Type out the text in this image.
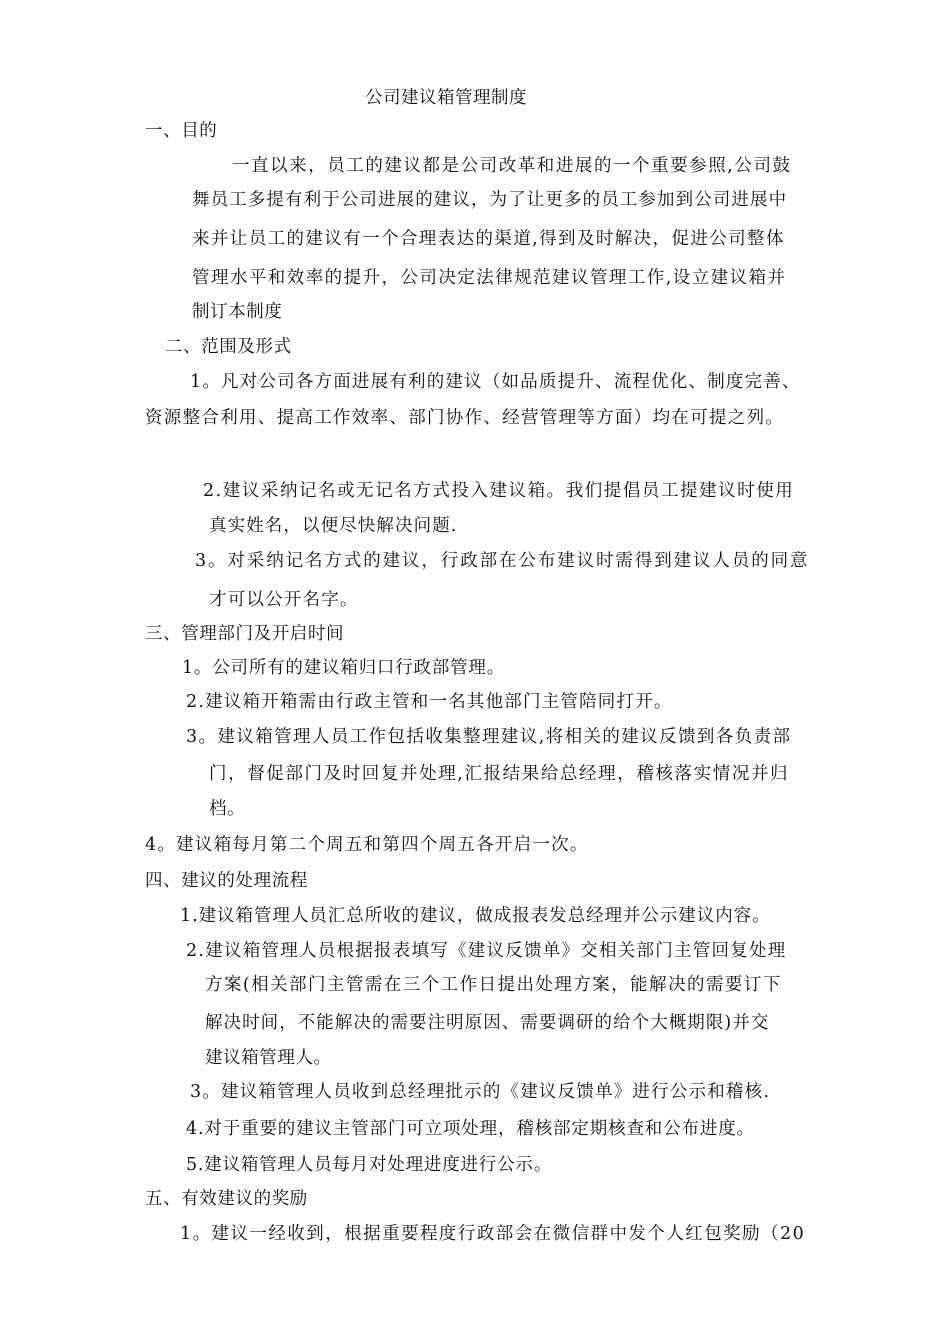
公司建议箱管理制度
一、目的
一直以来，员工的建议都是公司改革和进展的一个重要参照,公司鼓
舞员工多提有利于公司进展的建议，为了让更多的员工参加到公司进展中
来并让员工的建议有一个合理表达的渠道,得到及时解决，促进公司整体
管理水平和效率的提升，公司决定法律规范建议管理工作,设立建议箱并
制订本制度
二、范围及形式
1。凡对公司各方面进展有利的建议（如品质提升、流程优化、制度完善、
资源整合利用、提高工作效率、部门协作、经营管理等方面）均在可提之列。
2.建议采纳记名或无记名方式投入建议箱。我们提倡员工提建议时使用
真实姓名，以便尽快解决问题.
3。对采纳记名方式的建议，行政部在公布建议时需得到建议人员的同意
才可以公开名字。
三、管理部门及开启时间
1。公司所有的建议箱归口行政部管理。
2.建议箱开箱需由行政主管和一名其他部门主管陪同打开。
3。建议箱管理人员工作包括收集整理建议,将相关的建议反馈到各负责部
门，督促部门及时回复并处理,汇报结果给总经理，稽核落实情况并归
档。
4。建议箱每月第二个周五和第四个周五各开启一次。
四、建议的处理流程
1.建议箱管理人员汇总所收的建议，做成报表发总经理并公示建议内容。
2.建议箱管理人员根据报表填写《建议反馈单》交相关部门主管回复处理
方案(相关部门主管需在三个工作日提出处理方案，能解决的需要订下
解决时间，不能解决的需要注明原因、需要调研的给个大概期限)并交
建议箱管理人。
3。建议箱管理人员收到总经理批示的《建议反馈单》进行公示和稽核.
4.对于重要的建议主管部门可立项处理，稽核部定期核查和公布进度。
5.建议箱管理人员每月对处理进度进行公示。
五、有效建议的奖励
1。建议一经收到，根据重要程度行政部会在微信群中发个人红包奖励（20
